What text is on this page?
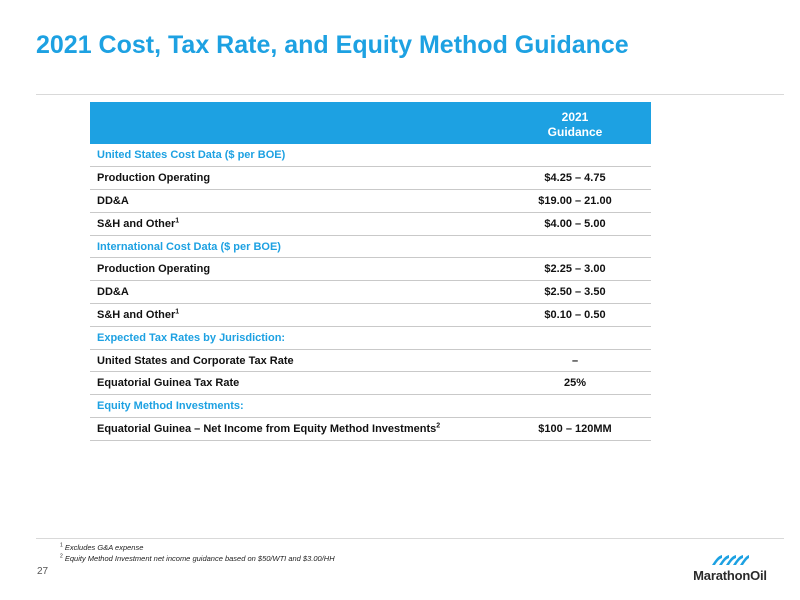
2021 Cost, Tax Rate, and Equity Method Guidance
	2021
Guidance
United States Cost Data ($ per BOE)	
Production Operating	$4.25 – 4.75
DD&A	$19.00 – 21.00
S&H and Other$^1$	$4.00 – 5.00
International Cost Data ($ per BOE)	
Production Operating	$2.25 – 3.00
DD&A	$2.50 – 3.50
S&H and Other$^1$	$0.10 – 0.50
Expected Tax Rates by Jurisdiction:	
United States and Corporate Tax Rate	–
Equatorial Guinea Tax Rate	25%
Equity Method Investments:	
Equatorial Guinea – Net Income from Equity Method Investments$^2$	$100 – 120MM
$^1$ Excludes G&A expense
$^2$ Equity Method Investment net income guidance based on $50/WTI and $3.00/HH
27	MarathonOil
